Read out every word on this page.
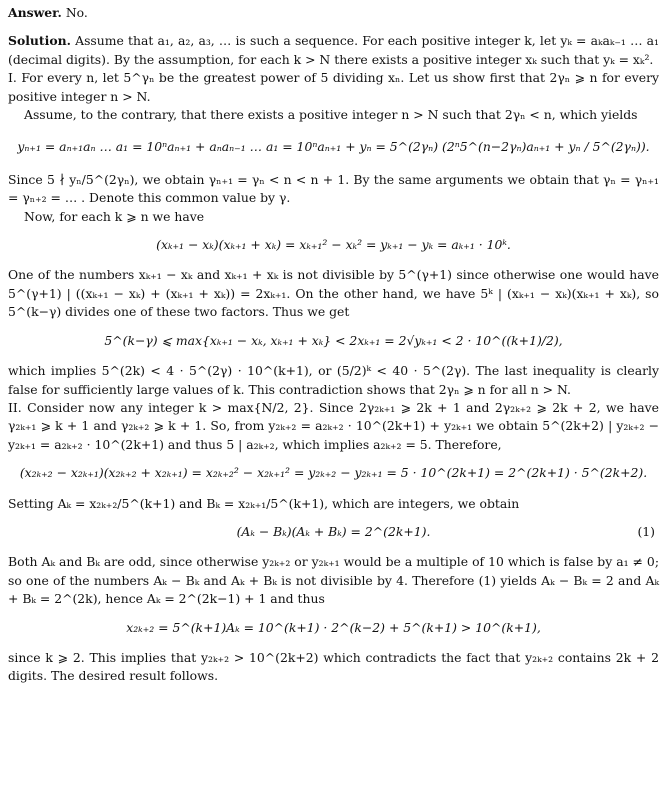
Answer. No.

Solution. Assume that a₁, a₂, a₃, … is such a sequence. For each positive integer k, let yₖ = aₖaₖ₋₁ … a₁ (decimal digits). By the assumption, for each k > N there exists a positive integer xₖ such that yₖ = xₖ².

I. For every n, let 5^γₙ be the greatest power of 5 dividing xₙ. Let us show first that 2γₙ ⩾ n for every positive integer n > N.

Assume, to the contrary, that there exists a positive integer n > N such that 2γₙ < n, which yields

yₙ₊₁ = aₙ₊₁aₙ … a₁ = 10ⁿaₙ₊₁ + aₙaₙ₋₁ … a₁ = 10ⁿaₙ₊₁ + yₙ = 5^(2γₙ) (2ⁿ5^(n−2γₙ)aₙ₊₁ + yₙ / 5^(2γₙ)).

Since 5 ∤ yₙ/5^(2γₙ), we obtain γₙ₊₁ = γₙ < n < n + 1. By the same arguments we obtain that γₙ = γₙ₊₁ = γₙ₊₂ = … . Denote this common value by γ.

Now, for each k ⩾ n we have

(xₖ₊₁ − xₖ)(xₖ₊₁ + xₖ) = xₖ₊₁² − xₖ² = yₖ₊₁ − yₖ = aₖ₊₁ · 10ᵏ.

One of the numbers xₖ₊₁ − xₖ and xₖ₊₁ + xₖ is not divisible by 5^(γ+1) since otherwise one would have 5^(γ+1) | ((xₖ₊₁ − xₖ) + (xₖ₊₁ + xₖ)) = 2xₖ₊₁. On the other hand, we have 5ᵏ | (xₖ₊₁ − xₖ)(xₖ₊₁ + xₖ), so 5^(k−γ) divides one of these two factors. Thus we get

5^(k−γ) ⩽ max{xₖ₊₁ − xₖ, xₖ₊₁ + xₖ} < 2xₖ₊₁ = 2√yₖ₊₁ < 2 · 10^((k+1)/2),

which implies 5^(2k) < 4 · 5^(2γ) · 10^(k+1), or (5/2)ᵏ < 40 · 5^(2γ). The last inequality is clearly false for sufficiently large values of k. This contradiction shows that 2γₙ ⩾ n for all n > N.

II. Consider now any integer k > max{N/2, 2}. Since 2γ₂ₖ₊₁ ⩾ 2k + 1 and 2γ₂ₖ₊₂ ⩾ 2k + 2, we have γ₂ₖ₊₁ ⩾ k + 1 and γ₂ₖ₊₂ ⩾ k + 1. So, from y₂ₖ₊₂ = a₂ₖ₊₂ · 10^(2k+1) + y₂ₖ₊₁ we obtain 5^(2k+2) | y₂ₖ₊₂ − y₂ₖ₊₁ = a₂ₖ₊₂ · 10^(2k+1) and thus 5 | a₂ₖ₊₂, which implies a₂ₖ₊₂ = 5. Therefore,

(x₂ₖ₊₂ − x₂ₖ₊₁)(x₂ₖ₊₂ + x₂ₖ₊₁) = x₂ₖ₊₂² − x₂ₖ₊₁² = y₂ₖ₊₂ − y₂ₖ₊₁ = 5 · 10^(2k+1) = 2^(2k+1) · 5^(2k+2).

Setting Aₖ = x₂ₖ₊₂/5^(k+1) and Bₖ = x₂ₖ₊₁/5^(k+1), which are integers, we obtain

(Aₖ − Bₖ)(Aₖ + Bₖ) = 2^(2k+1).	(1)

Both Aₖ and Bₖ are odd, since otherwise y₂ₖ₊₂ or y₂ₖ₊₁ would be a multiple of 10 which is false by a₁ ≠ 0; so one of the numbers Aₖ − Bₖ and Aₖ + Bₖ is not divisible by 4. Therefore (1) yields Aₖ − Bₖ = 2 and Aₖ + Bₖ = 2^(2k), hence Aₖ = 2^(2k−1) + 1 and thus

x₂ₖ₊₂ = 5^(k+1)Aₖ = 10^(k+1) · 2^(k−2) + 5^(k+1) > 10^(k+1),

since k ⩾ 2. This implies that y₂ₖ₊₂ > 10^(2k+2) which contradicts the fact that y₂ₖ₊₂ contains 2k + 2 digits. The desired result follows.
